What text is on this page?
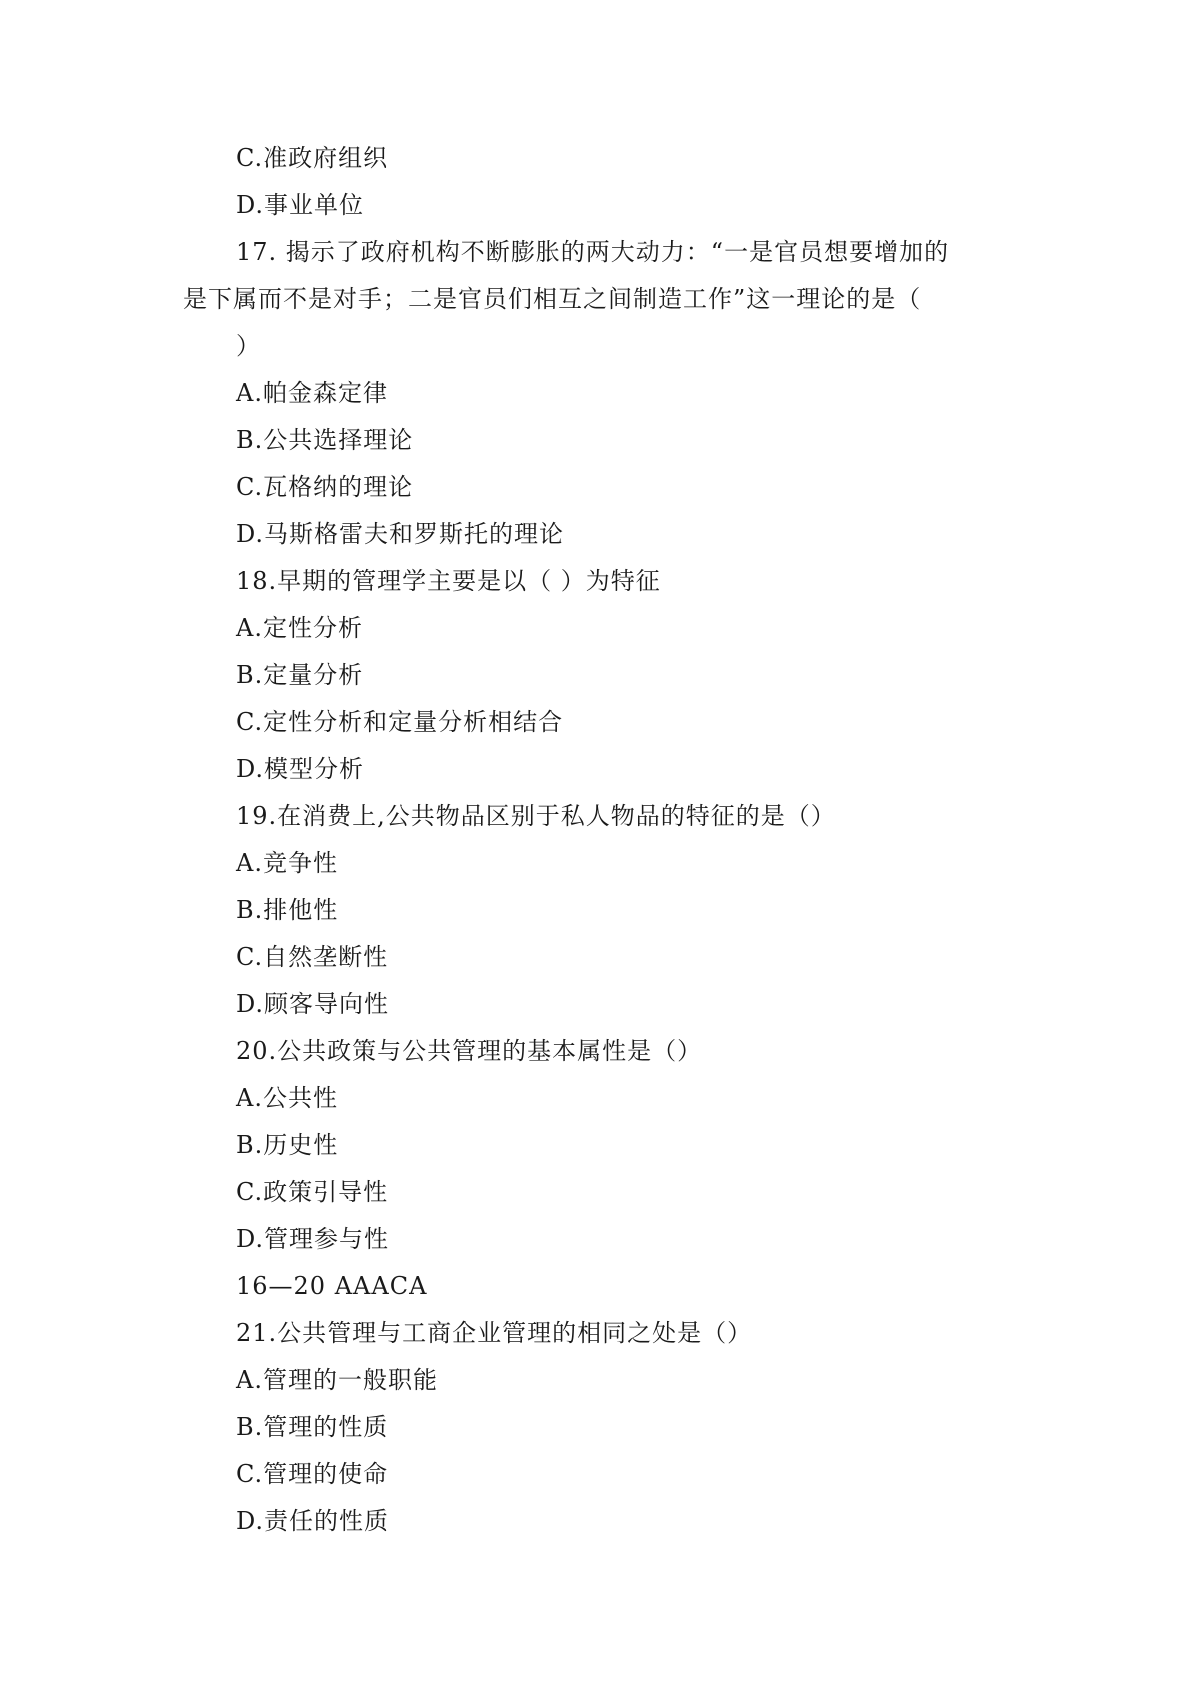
C.准政府组织
D.事业单位
17. 揭示了政府机构不断膨胀的两大动力：“一是官员想要增加的
是下属而不是对手；二是官员们相互之间制造工作”这一理论的是（
）
A.帕金森定律
B.公共选择理论
C.瓦格纳的理论
D.马斯格雷夫和罗斯托的理论
18.早期的管理学主要是以（ ）为特征
A.定性分析
B.定量分析
C.定性分析和定量分析相结合
D.模型分析
19.在消费上,公共物品区别于私人物品的特征的是（）
A.竞争性
B.排他性
C.自然垄断性
D.顾客导向性
20.公共政策与公共管理的基本属性是（）
A.公共性
B.历史性
C.政策引导性
D.管理参与性
16—20 AAACA
21.公共管理与工商企业管理的相同之处是（）
A.管理的一般职能
B.管理的性质
C.管理的使命
D.责任的性质
